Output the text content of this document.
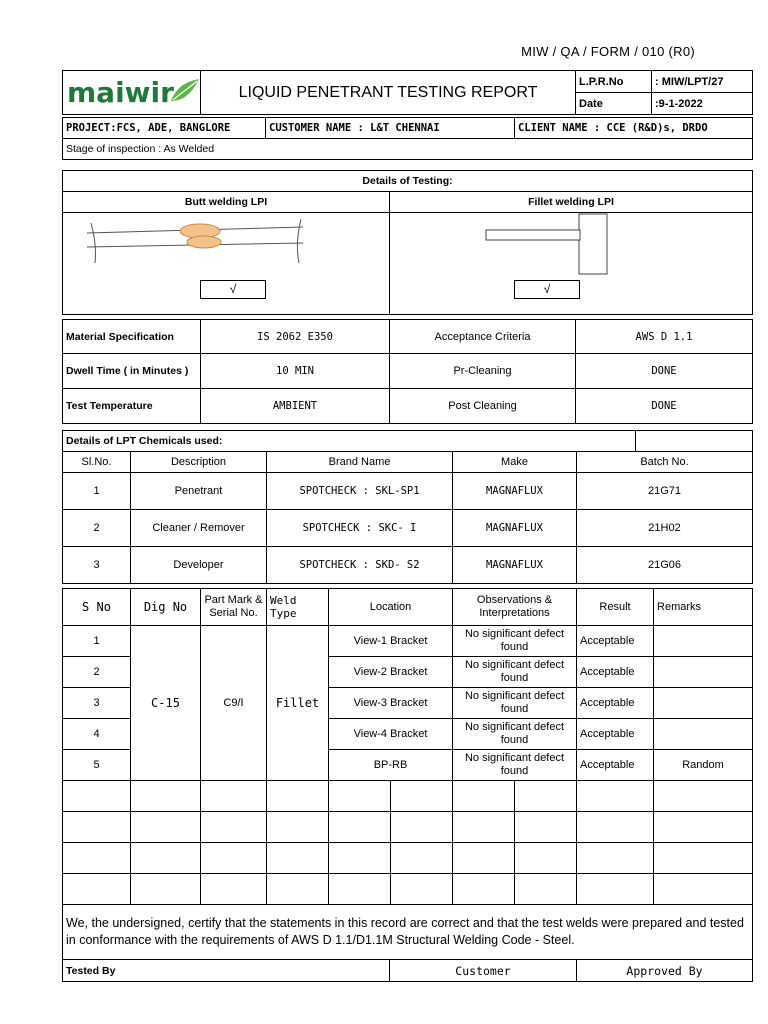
MIW / QA / FORM / 010 (R0)
maiwir	LIQUID PENETRANT TESTING REPORT	L.P.R.No	: MIW/LPT/27
		Date	:9-1-2022
PROJECT:FCS, ADE, BANGLORE	CUSTOMER NAME : L&T CHENNAI	CLIENT NAME : CCE (R&D)s, DRDO
Stage of inspection : As Welded
Details of Testing:	
Butt welding LPI	Fillet welding LPI

√	√
Material Specification	IS 2062 E350	Acceptance Criteria	AWS D 1.1
Dwell Time ( in Minutes )	10 MIN	Pr-Cleaning	DONE
Test Temperature	AMBIENT	Post Cleaning	DONE
Details of LPT Chemicals used:					
Sl.No.	Description	Brand Name	Make	Batch No.	
1	Penetrant	SPOTCHECK : SKL-SP1	MAGNAFLUX	21G71	
2	Cleaner / Remover	SPOTCHECK : SKC- I	MAGNAFLUX	21H02	
3	Developer	SPOTCHECK : SKD- S2	MAGNAFLUX	21G06	
S No	Dig No	Part Mark & Serial No.	Weld Type	Location		Observations & Interpretations		Result	Remarks
1	C-15	C9/I	Fillet	View-1 Bracket		No significant defect found		Acceptable	
2				View-2 Bracket		No significant defect found		Acceptable	
3				View-3 Bracket		No significant defect found		Acceptable	
4				View-4 Bracket		No significant defect found		Acceptable	
5				BP-RB		No significant defect found		Acceptable	Random

We, the undersigned, certify that the statements in this record are correct and that the test welds were prepared and tested in conformance with the requirements of AWS D 1.1/D1.1M Structural Welding Code - Steel.
Tested By	Customer	Approved By
